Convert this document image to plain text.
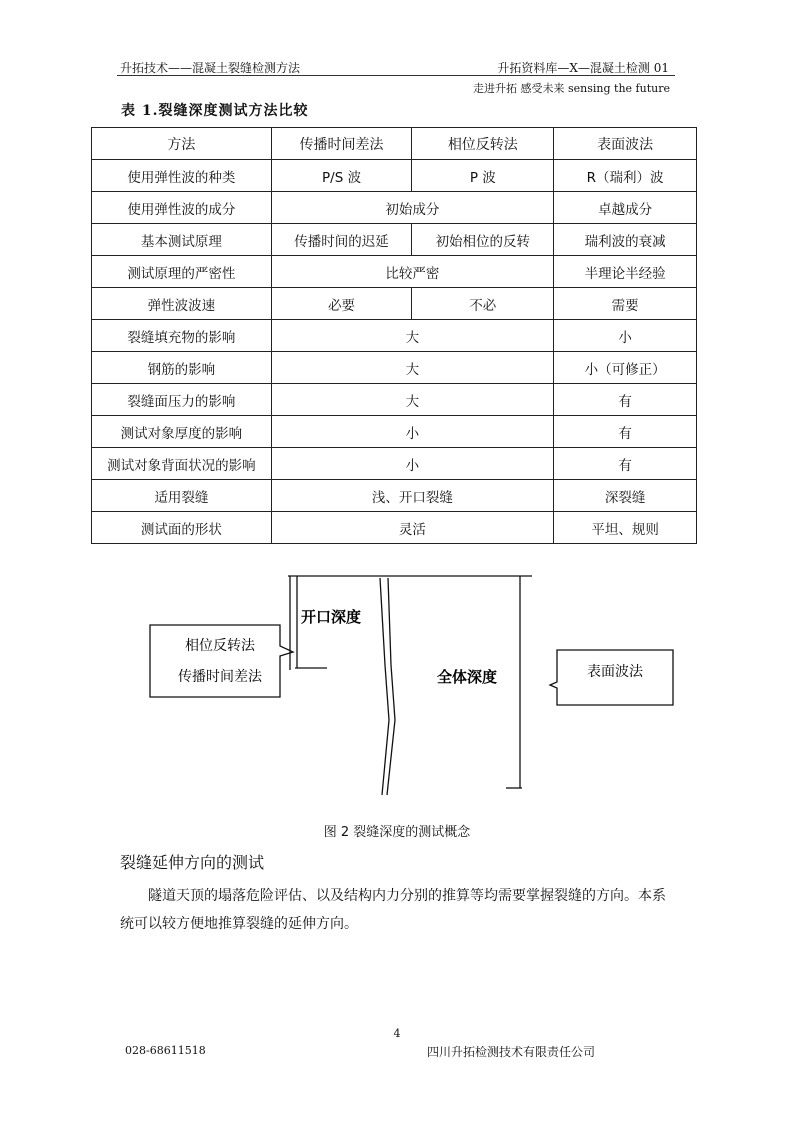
升拓技术——混凝土裂缝检测方法	升拓资料库—X—混凝土检测 01
走进升拓 感受未来 sensing the future
表 1.裂缝深度测试方法比较
方法	传播时间差法	相位反转法	表面波法
使用弹性波的种类	P/S 波	P 波	R（瑞利）波
使用弹性波的成分	初始成分		卓越成分
基本测试原理	传播时间的迟延	初始相位的反转	瑞利波的衰减
测试原理的严密性	比较严密		半理论半经验
弹性波波速	必要	不必	需要
裂缝填充物的影响	大		小
钢筋的影响	大		小（可修正）
裂缝面压力的影响	大		有
测试对象厚度的影响	小		有
测试对象背面状况的影响	小		有
适用裂缝	浅、开口裂缝		深裂缝
测试面的形状	灵活		平坦、规则
开口深度
全体深度
相位反转法
传播时间差法	表面波法
图 2 裂缝深度的测试概念
裂缝延伸方向的测试
隧道天顶的塌落危险评估、以及结构内力分别的推算等均需要掌握裂缝的方向。本系统可以较方便地推算裂缝的延伸方向。
4
028-68611518	四川升拓检测技术有限责任公司
